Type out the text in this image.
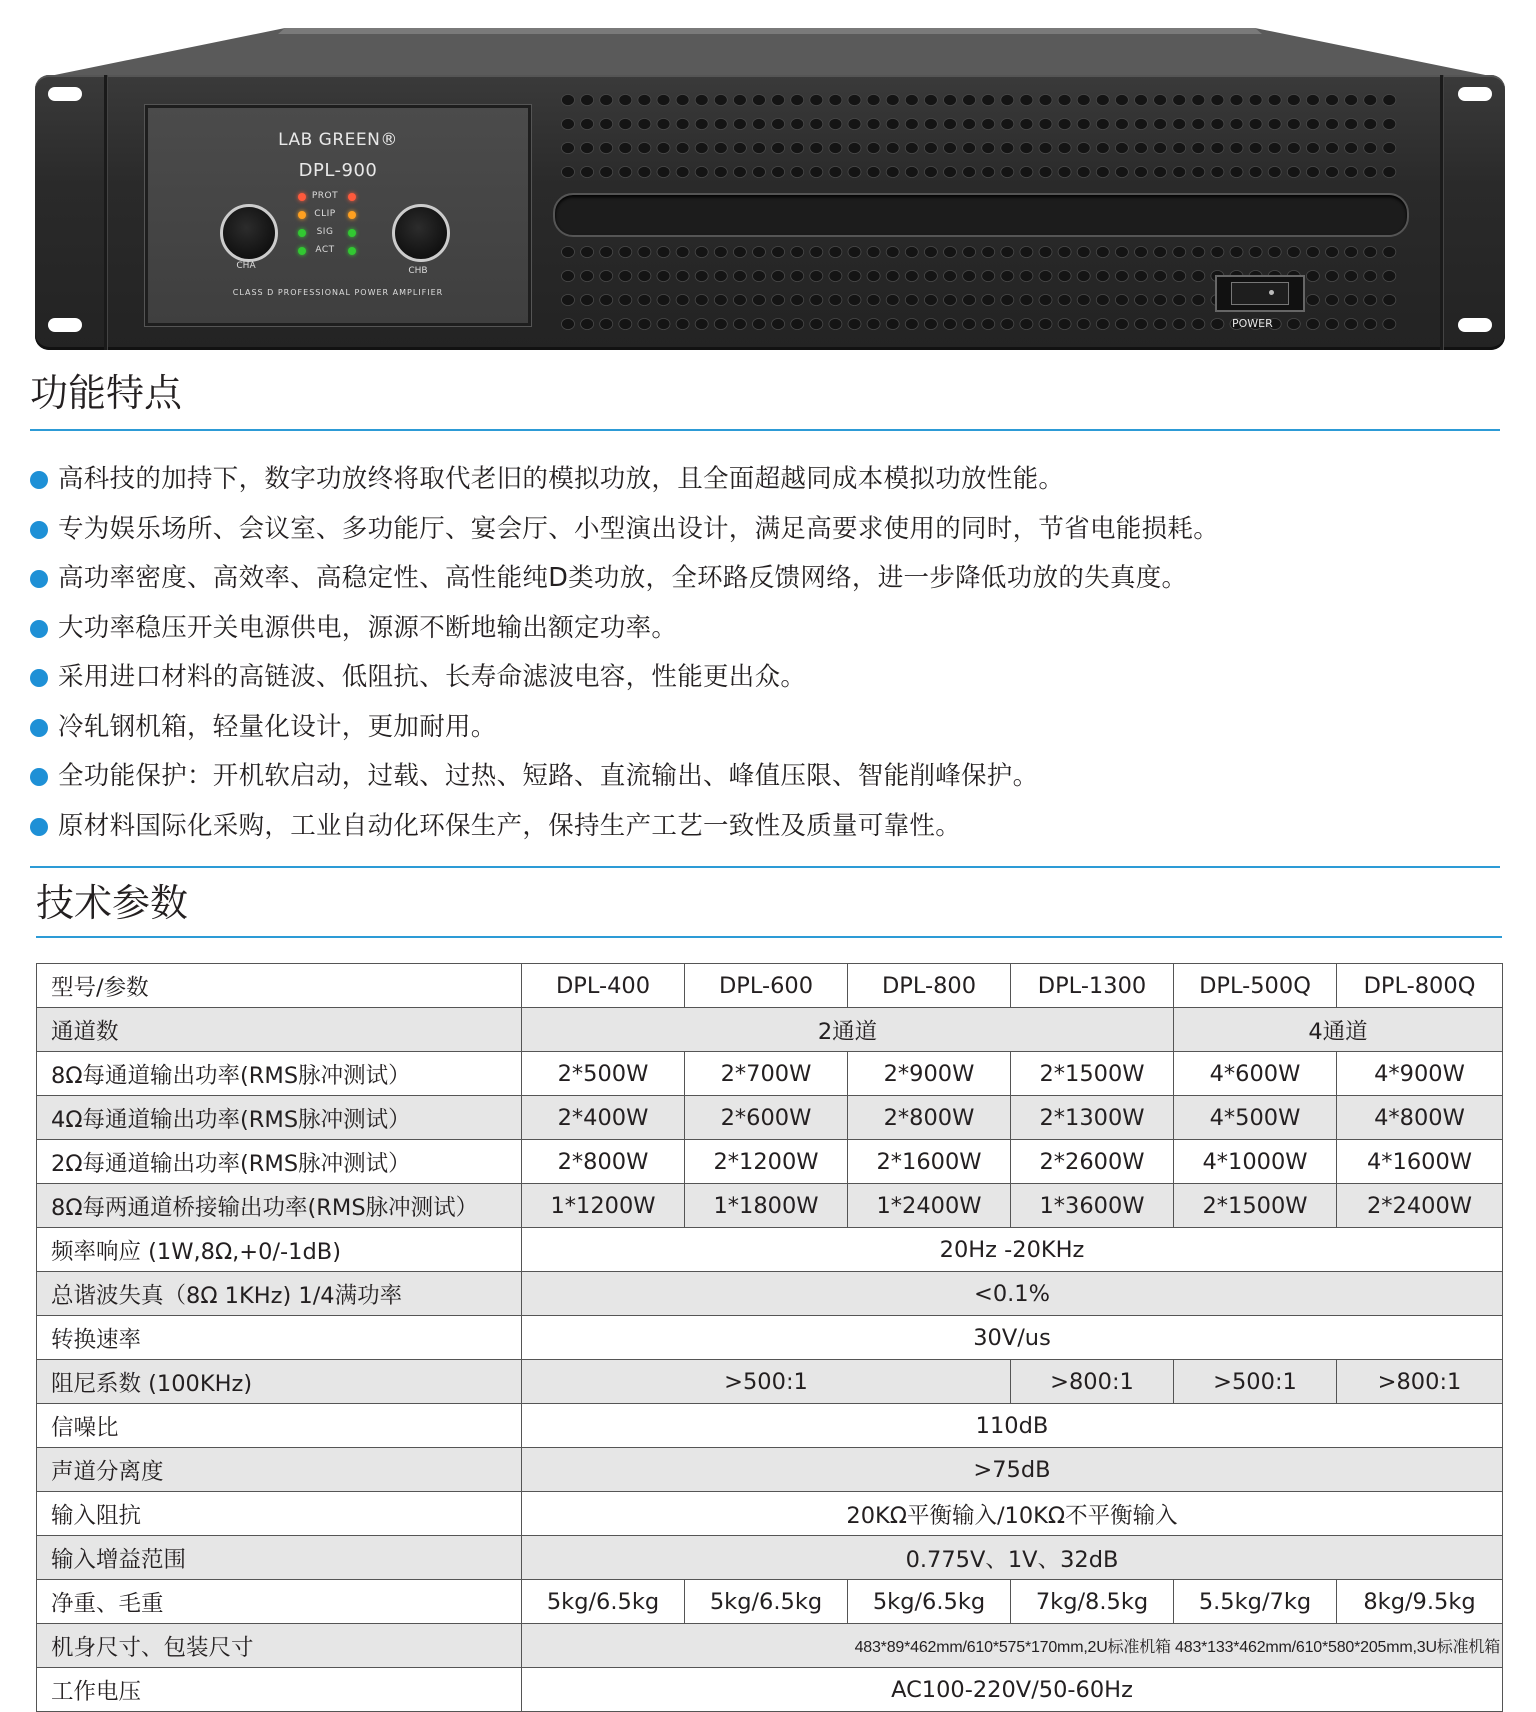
LAB GREEN®
DPL-900
CHA	CHB
PROT
CLIP
SIG
ACT
CLASS D PROFESSIONAL POWER AMPLIFIER
POWER
功能特点
高科技的加持下，数字功放终将取代老旧的模拟功放，且全面超越同成本模拟功放性能。
专为娱乐场所、会议室、多功能厅、宴会厅、小型演出设计，满足高要求使用的同时，节省电能损耗。
高功率密度、高效率、高稳定性、高性能纯D类功放，全环路反馈网络，进一步降低功放的失真度。
大功率稳压开关电源供电，源源不断地输出额定功率。
采用进口材料的高链波、低阻抗、长寿命滤波电容，性能更出众。
冷轧钢机箱，轻量化设计，更加耐用。
全功能保护：开机软启动，过载、过热、短路、直流输出、峰值压限、智能削峰保护。
原材料国际化采购，工业自动化环保生产，保持生产工艺一致性及质量可靠性。
技术参数
型号/参数	DPL-400	DPL-600	DPL-800	DPL-1300	DPL-500Q	DPL-800Q
通道数	2通道				4通道	
8Ω每通道输出功率(RMS脉冲测试）	2*500W	2*700W	2*900W	2*1500W	4*600W	4*900W
4Ω每通道输出功率(RMS脉冲测试）	2*400W	2*600W	2*800W	2*1300W	4*500W	4*800W
2Ω每通道输出功率(RMS脉冲测试）	2*800W	2*1200W	2*1600W	2*2600W	4*1000W	4*1600W
8Ω每两通道桥接输出功率(RMS脉冲测试）	1*1200W	1*1800W	1*2400W	1*3600W	2*1500W	2*2400W
频率响应 (1W,8Ω,+0/-1dB)	20Hz -20KHz					
总谐波失真（8Ω 1KHz) 1/4满功率	<0.1%					
转换速率	30V/us					
阻尼系数 (100KHz)	>500:1			>800:1	>500:1	>800:1
信噪比	110dB					
声道分离度	>75dB					
输入阻抗	20KΩ平衡输入/10KΩ不平衡输入					
输入增益范围	0.775V、1V、32dB					
净重、毛重	5kg/6.5kg	5kg/6.5kg	5kg/6.5kg	7kg/8.5kg	5.5kg/7kg	8kg/9.5kg
机身尺寸、包装尺寸	483*89*462mm/610*575*170mm,2U标准机箱 483*133*462mm/610*580*205mm,3U标准机箱					
工作电压	AC100-220V/50-60Hz					
